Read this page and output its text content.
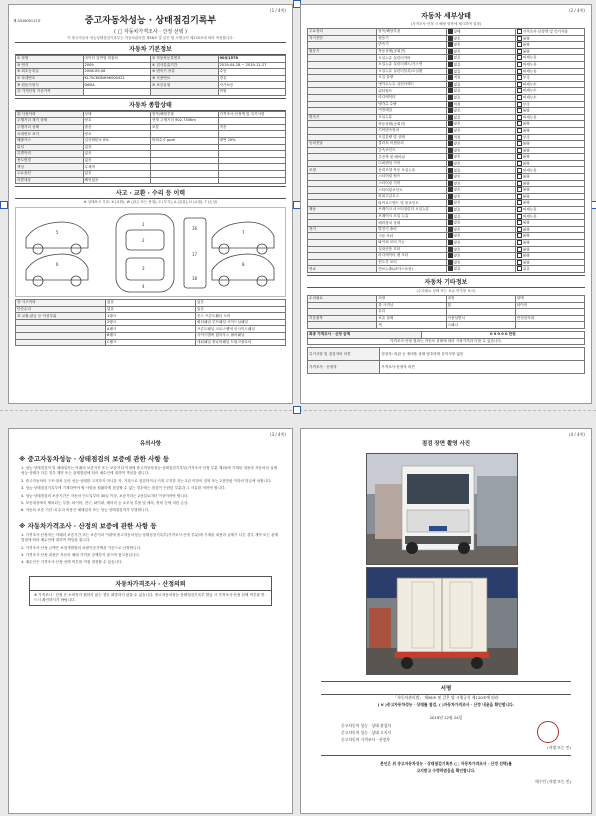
(1 / 4쪽)
제 041900117호	중고자동차성능 · 상태점검기록부
( □ 자동차가격조사 · 산정 선택 )
이 중고자동차 성능상태점검기록부는 자동차관리법 제58조 및 같은 법 시행규칙 제120조에 따라 작성합니다.
자동차 기본정보
① 차명	마이티 일반형 화물차	② 자동차등록번호	90보1578
③ 연식	2009	④ 검사유효기간	2019-04-28 ~ 2019-11-27
⑤ 최초등록일	2008-09-08	⑥ 변속기 종류	수동
⑦ 차대번호	KL7SCKDNH9K000421	⑧ 사용연료	경유
⑨ 원동기형식	D6DA	⑩ 보증유형	자가보증
⑪ 가격산정 기준가격			만원
자동차 종합상태
⑫ 사용이력	상태	항목/해당부품	가격조사·산정액 및 특기사항
주행거리 계기 상태	양호	현재 주행거리 902,730Km	
주행거리 상태	많음	보통	적음
차대번호 표기	양호		
배출가스	일산화탄소 0%	탄화수소 ppm	매연 20%
튜닝	없음		
특별이력	없음		
용도변경	없음		
색상	무채색		
주요옵션	없음		
리콜대상	해당없음		
사고 · 교환 · 수리 등 이력
※ 상태표시 부호: X (교환), W (판금 또는 용접), C (부식), A (흠집), U (요철), T (손상)
1
2
3
4
5
6
7
8
16
17
18
⑬ 사고이력	없음	있음
단순수리	없음	있음
⑭ 교환,판금 등 이상부위	1랭크	후드 프론트휀더 도어
	2랭크	쿼터패널 루프패널 사이드실패널
	A랭크	프론트패널 크로스멤버 인사이드패널
	B랭크	사이드멤버 휠하우스 필러패널
	C랭크	대쉬패널 플로어패널 트렁크플로어
(2 / 4쪽)
자동차 세부상태
(가격조사·산정 시 해당 항목에 체크하여 결정)
주요장치	항목/해당부품	상태	가격조사·산정액 및 특기사항
자기진단	원동기	양호	불량
	변속기	양호	불량
원동기	작동상태(공회전)	양호	불량
	오일누유 실린더커버	없음	미세누유
	오일누유 실린더헤드/가스켓	없음	미세누유
	오일누유 실린더블록/오일팬	없음	미세누유
	오일 유량	적정	부족
	냉각수누수 실린더헤드	없음	미세누수
	워터펌프	없음	미세누수
	라디에이터	없음	미세누수
	냉각수 수량	적정	부족
	커먼레일	양호	불량
변속기	오일누유	없음	미세누유
	작동상태(공회전)	양호	불량
	기어변속장치	양호	불량
	오일유량 및 상태	적정	부족
동력전달	클러치 어셈블리	양호	불량
	등속조인트	양호	불량
	추진축 및 베어링	양호	불량
	디퍼렌셜 기어	양호	불량
조향	동력조향 작동 오일누유	없음	미세누유
	스티어링 펌프	양호	불량
	스티어링 기어	양호	불량
	스티어링조인트	양호	불량
	파워고압호스	양호	불량
	타이로드엔드 및 볼조인트	양호	불량
제동	브레이크 마스터실린더 오일누유	없음	미세누유
	브레이크 오일 누유	없음	미세누유
	배력장치 상태	양호	불량
전기	발전기 출력	양호	불량
	시동 모터	양호	불량
	와이퍼 모터 기능	양호	불량
	실내송풍 모터	양호	불량
	라디에이터 팬 모터	양호	불량
	윈도우 모터	양호	불량
연료	연료누출(LP가스포함)	없음	있음
자동차 기타정보
(수리필요 상태 또는 보유 여부를 표시)
수리필요	외장	내장	광택
	룸 크리닝	휠	타이어
	유리		
기본품목	보유 상태	사용설명서	안전삼각대
	잭	스패너	
최종 가격조사 · 산정 금액	0 0 0 0 0 만원
가격조사·산정 결과는 자동차 상태에 따라 시장가격과 다를 수 있습니다.
특기사항 및 점검자의 의견	점검자: 외관 등 정비품 상태 양호하며 특이사항 없음
가격조사 · 산정자	가격조사·산정자 의견
(3 / 4쪽)
유의사항
※ 중고자동차성능 · 상태점검의 보증에 관한 사항 등
1. 성능·상태점검자 및 매매업자는 아래의 보증기간 또는 보증거리 이내에 중고자동차성능·상태점검기록부(가격조사·산정 부분 제외)에 기재된 내용과 자동차의 실제 성능·상태가 다른 경우 계약 또는 관계법령에 따라 매수인에 대하여 책임을 집니다.
2. 중고자동차의 구조·장치 등의 성능·상태를 고지하지 아니한 자, 거짓으로 점검하거나 거짓 고지한 자는 2년 이하의 징역 또는 2천만원 이하의 벌금에 처합니다.
3. 성능·상태점검기록부에 기재하여야 할 사항을 원활하게 점검할 수 없는 경우에는 점검이 곤란한 부분과 그 사유를 적어야 합니다.
4. 성능·상태점검의 보증기간은 자동차 인도일부터 30일 이상, 보증거리는 2천킬로미터 이상이어야 합니다.
5. 보증대상에서 제외되는 부품: 타이어, 전구, 와이퍼, 배터리 등 소모성 부품 및 세차, 정비 등에 의한 손상.
6. 자동차 보증 기간 내 수리 비용은 매매업자 또는 성능·상태점검자가 부담합니다.
※ 자동차가격조사 · 산정의 보증에 관한 사항 등
1. 가격조사·산정자는 아래의 보증기간 또는 보증거리 이내에 중고자동차성능·상태점검기록부(가격조사·산정 부분)에 기재된 내용과 실제가 다른 경우 계약 또는 관계법령에 따라 매수인에 대하여 책임을 집니다.
2. 가격조사·산정 금액은 보험개발원의 차량기준가액을 기준으로 산정합니다.
3. 가격조사·산정 내용은 자동차 매매 가격을 강제하지 않으며 참고용입니다.
4. 매수인은 가격조사·산정 선택 여부를 직접 결정할 수 있습니다.
자동차가격조사 · 산정의뢰
※ 가격조사 · 산정 은 소비자가 원하지 않는 경우 희망하지 않을 수 있습니다. 중고자동차성능·상태점검기록부 발급 시 가격조사·산정 선택 여부를 반드시 확인하시기 바랍니다.
(4 / 4쪽)
점검 장면 촬영 사진
서명
「자동차관리법」 제58조 및 같은 법 시행규칙 제120조에 따라
( V )중고자동차성능 · 상태를 점검, ( )자동차가격조사 · 산정 내용을 확인합니다.
2019년 12월 24일
중고자동차 성능 · 상태 점검자
중고자동차 성능 · 상태 고지자
중고자동차 가격조사 · 산정자
(서명 또는 인)
본인은 위 중고자동차성능 · 상태점검기록부 (□ 자동차가격조사 · 산정 선택)를
고지받고 수령하였음을 확인합니다.
매수인 (서명 또는 인)
